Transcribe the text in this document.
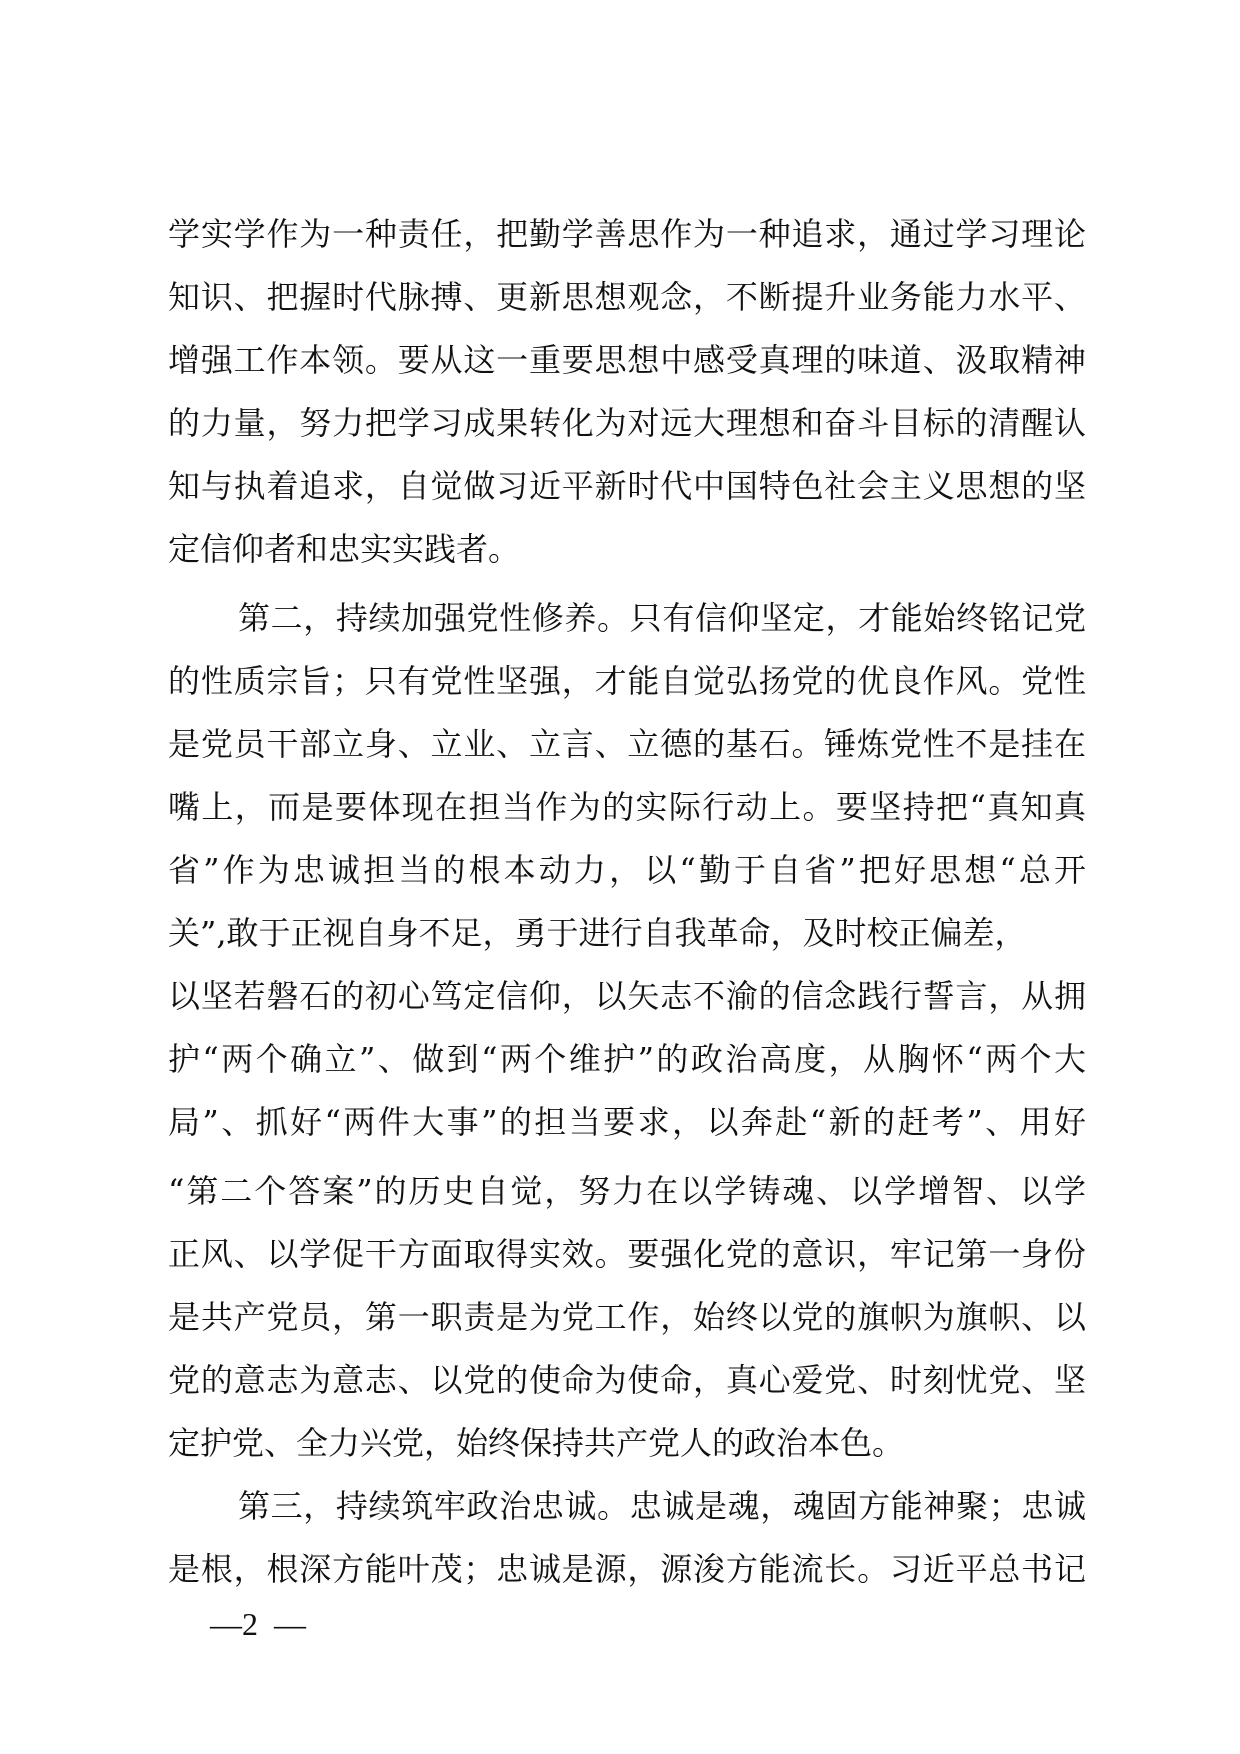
学实学作为一种责任，把勤学善思作为一种追求，通过学习理论
知识、把握时代脉搏、更新思想观念，不断提升业务能力水平、
增强工作本领。要从这一重要思想中感受真理的味道、汲取精神
的力量，努力把学习成果转化为对远大理想和奋斗目标的清醒认
知与执着追求，自觉做习近平新时代中国特色社会主义思想的坚
定信仰者和忠实实践者。
第二，持续加强党性修养。只有信仰坚定，才能始终铭记党
的性质宗旨；只有党性坚强，才能自觉弘扬党的优良作风。党性
是党员干部立身、立业、立言、立德的基石。锤炼党性不是挂在
嘴上，而是要体现在担当作为的实际行动上。要坚持把“真知真
省”作为忠诚担当的根本动力，以“勤于自省”把好思想“总开
关”,敢于正视自身不足，勇于进行自我革命，及时校正偏差，
以坚若磐石的初心笃定信仰，以矢志不渝的信念践行誓言，从拥
护“两个确立”、做到“两个维护”的政治高度，从胸怀“两个大
局”、抓好“两件大事”的担当要求，以奔赴“新的赶考”、用好
“第二个答案”的历史自觉，努力在以学铸魂、以学增智、以学
正风、以学促干方面取得实效。要强化党的意识，牢记第一身份
是共产党员，第一职责是为党工作，始终以党的旗帜为旗帜、以
党的意志为意志、以党的使命为使命，真心爱党、时刻忧党、坚
定护党、全力兴党，始终保持共产党人的政治本色。
第三，持续筑牢政治忠诚。忠诚是魂，魂固方能神聚；忠诚
是根，根深方能叶茂；忠诚是源，源浚方能流长。习近平总书记
—2  —
